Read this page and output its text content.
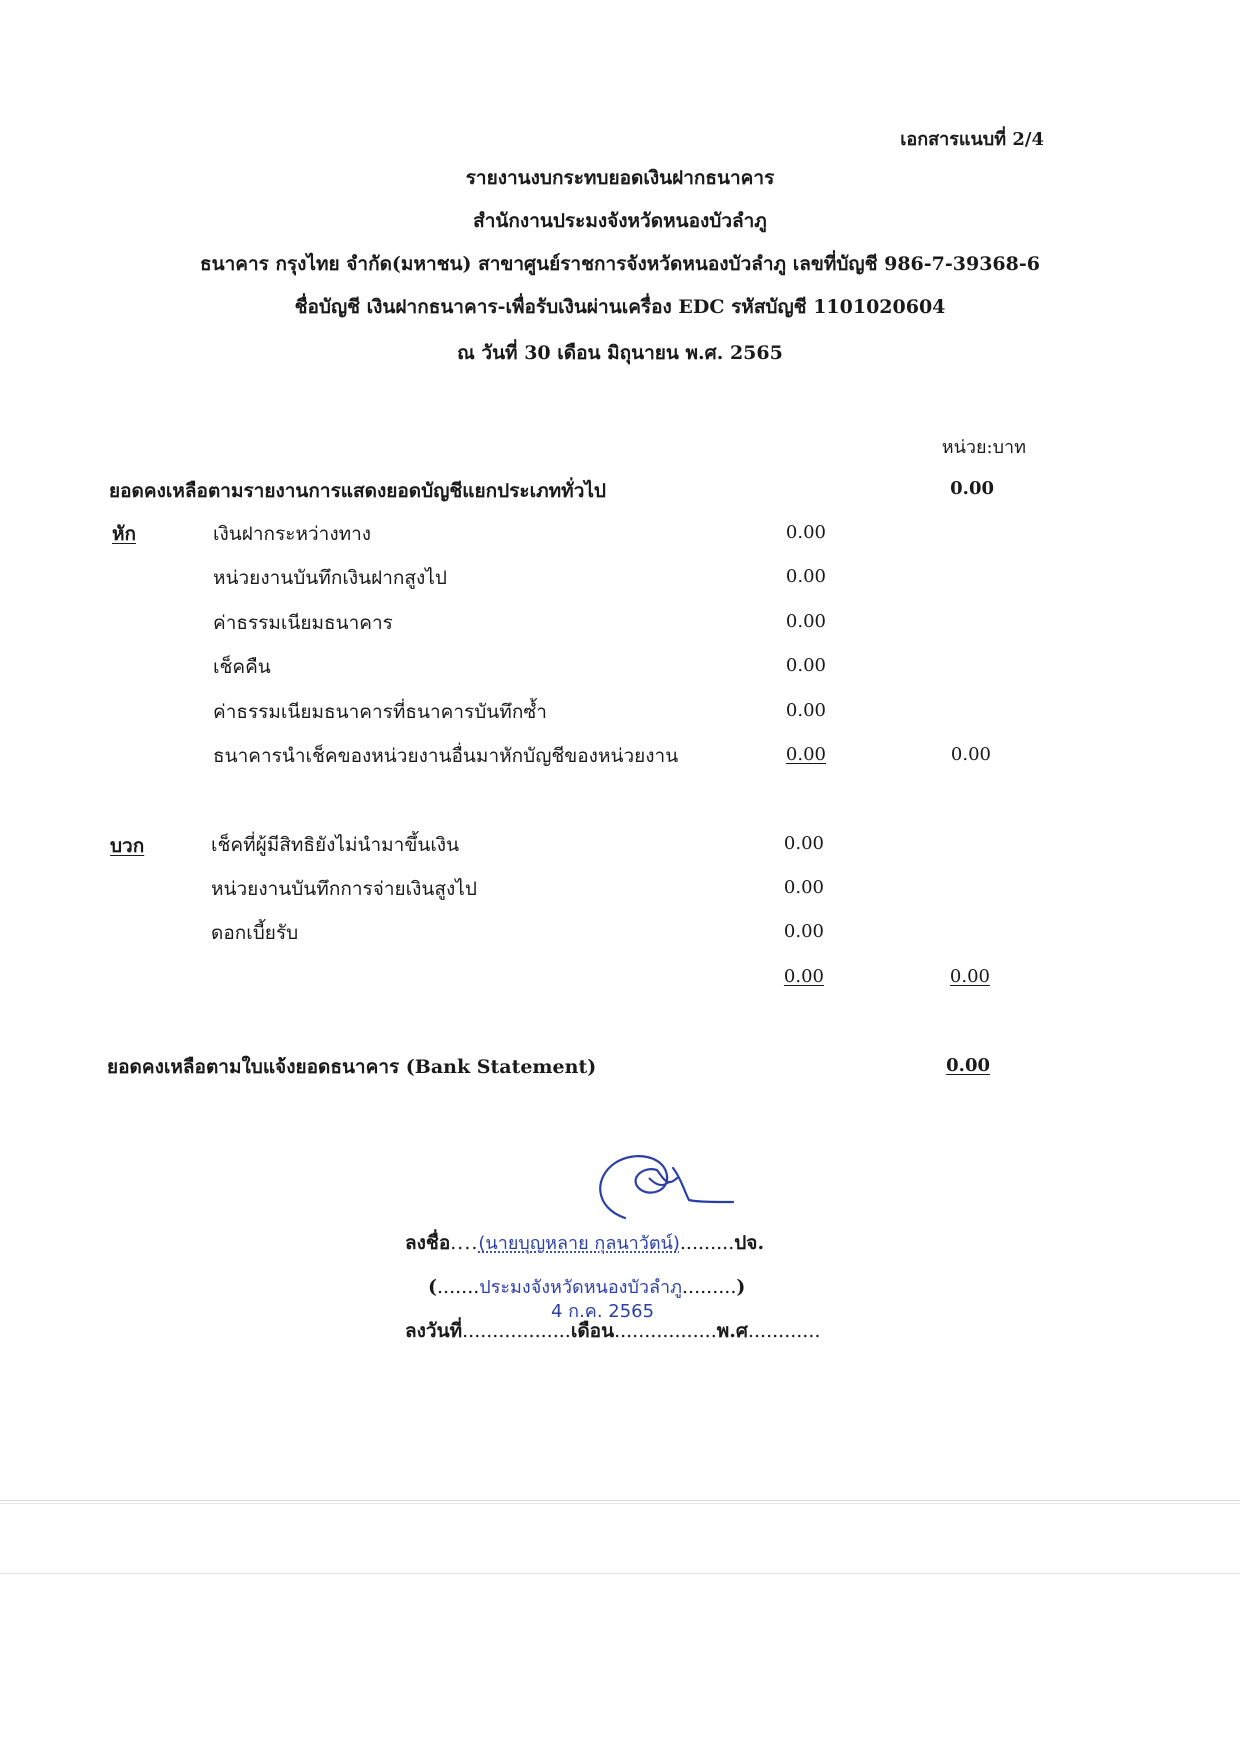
เอกสารแนบที่ 2/4
รายงานงบกระทบยอดเงินฝากธนาคาร
สำนักงานประมงจังหวัดหนองบัวลำภู
ธนาคาร กรุงไทย จำกัด(มหาชน) สาขาศูนย์ราชการจังหวัดหนองบัวลำภู เลขที่บัญชี 986-7-39368-6
ชื่อบัญชี เงินฝากธนาคาร-เพื่อรับเงินผ่านเครื่อง EDC รหัสบัญชี 1101020604
ณ วันที่ 30 เดือน มิถุนายน พ.ศ. 2565
หน่วย:บาท
ยอดคงเหลือตามรายงานการแสดงยอดบัญชีแยกประเภททั่วไป	0.00
หัก	เงินฝากระหว่างทาง	0.00
หน่วยงานบันทึกเงินฝากสูงไป	0.00
ค่าธรรมเนียมธนาคาร	0.00
เช็คคืน	0.00
ค่าธรรมเนียมธนาคารที่ธนาคารบันทึกซ้ำ	0.00
ธนาคารนำเช็คของหน่วยงานอื่นมาหักบัญชีของหน่วยงาน	0.00	0.00
บวก	เช็คที่ผู้มีสิทธิยังไม่นำมาขึ้นเงิน	0.00
หน่วยงานบันทึกการจ่ายเงินสูงไป	0.00
ดอกเบี้ยรับ	0.00
0.00	0.00
ยอดคงเหลือตามใบแจ้งยอดธนาคาร (Bank Statement)	0.00
ลงชื่อ....(นายบุญหลาย กุลนาวัตน์).........ปจ.
(.......ประมงจังหวัดหนองบัวลำภู.........)
4 ก.ค. 2565
ลงวันที่..................เดือน.................พ.ศ............
